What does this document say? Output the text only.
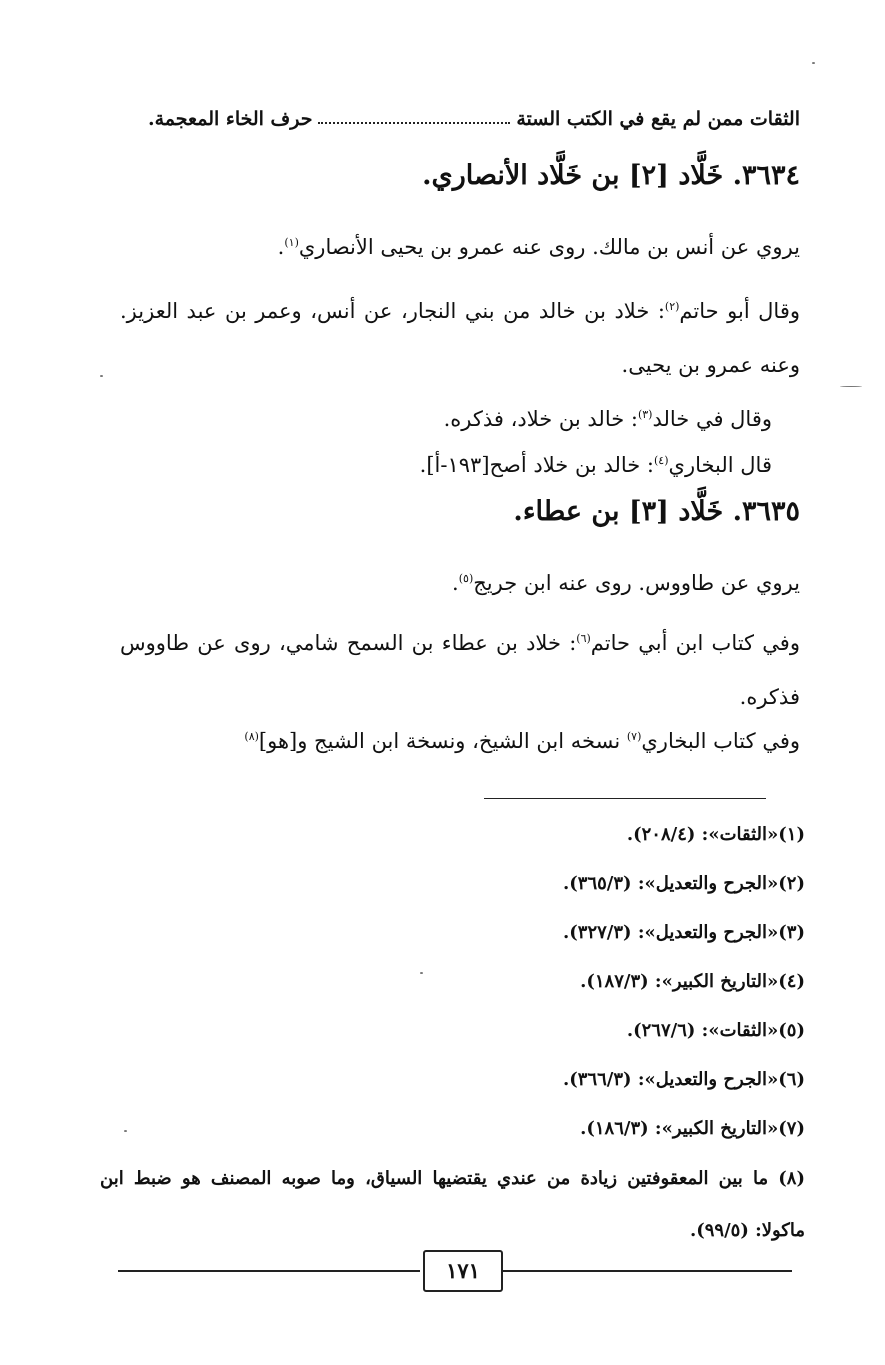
حرف الخاء المعجمة.	الثقات ممن لم يقع في الكتب الستة
٣٦٣٤. خَلَّاد [٢] بن خَلَّاد الأنصاري.
يروي عن أنس بن مالك. روى عنه عمرو بن يحيى الأنصاري$^{(١)}$.
وقال أبو حاتم$^{(٢)}$: خلاد بن خالد من بني النجار، عن أنس، وعمر بن عبد العزيز. وعنه عمرو بن يحيى.
وقال في خالد$^{(٣)}$: خالد بن خلاد، فذكره.
قال البخاري$^{(٤)}$: خالد بن خلاد أصح[١٩٣-أ].
٣٦٣٥. خَلَّاد [٣] بن عطاء.
يروي عن طاووس. روى عنه ابن جريج$^{(٥)}$.
وفي كتاب ابن أبي حاتم$^{(٦)}$: خلاد بن عطاء بن السمح شامي، روى عن طاووس فذكره.
وفي كتاب البخاري$^{(٧)}$ نسخه ابن الشيخ، ونسخة ابن الشيج و[هو]$^{(٨)}$
(١)«الثقات»: (٢٠٨/٤).
(٢)«الجرح والتعديل»: (٣٦٥/٣).
(٣)«الجرح والتعديل»: (٣٢٧/٣).
(٤)«التاريخ الكبير»: (١٨٧/٣).
(٥)«الثقات»: (٢٦٧/٦).
(٦)«الجرح والتعديل»: (٣٦٦/٣).
(٧)«التاريخ الكبير»: (١٨٦/٣).
(٨) ما بين المعقوفتين زيادة من عندي يقتضيها السياق، وما صوبه المصنف هو ضبط ابن ماكولا: (٩٩/٥).
١٧١
